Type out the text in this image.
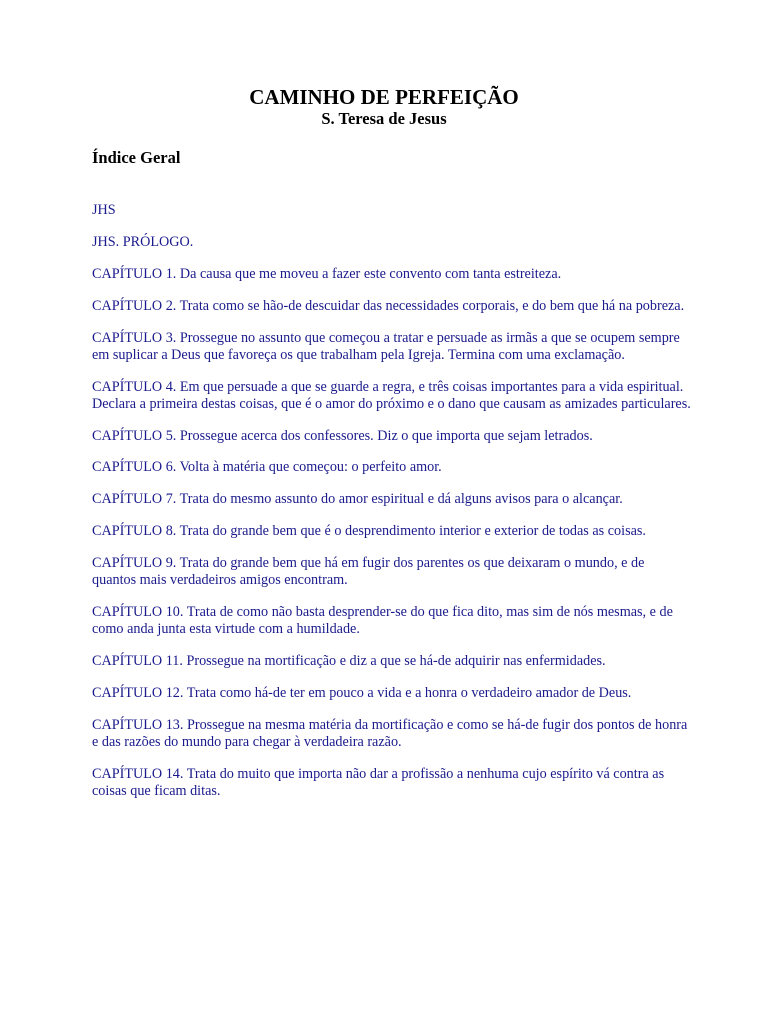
CAMINHO DE PERFEIÇÃO
S. Teresa de Jesus
Índice Geral
JHS
JHS. PRÓLOGO.
CAPÍTULO 1. Da causa que me moveu a fazer este convento com tanta estreiteza.
CAPÍTULO 2. Trata como se hão-de descuidar das necessidades corporais, e do bem que há na pobreza.
CAPÍTULO 3. Prossegue no assunto que começou a tratar e persuade as irmãs a que se ocupem sempre em suplicar a Deus que favoreça os que trabalham pela Igreja. Termina com uma exclamação.
CAPÍTULO 4. Em que persuade a que se guarde a regra, e três coisas importantes para a vida espiritual. Declara a primeira destas coisas, que é o amor do próximo e o dano que causam as amizades particulares.
CAPÍTULO 5. Prossegue acerca dos confessores. Diz o que importa que sejam letrados.
CAPÍTULO 6. Volta à matéria que começou: o perfeito amor.
CAPÍTULO 7. Trata do mesmo assunto do amor espiritual e dá alguns avisos para o alcançar.
CAPÍTULO 8. Trata do grande bem que é o desprendimento interior e exterior de todas as coisas.
CAPÍTULO 9. Trata do grande bem que há em fugir dos parentes os que deixaram o mundo, e de quantos mais verdadeiros amigos encontram.
CAPÍTULO 10. Trata de como não basta desprender-se do que fica dito, mas sim de nós mesmas, e de como anda junta esta virtude com a humildade.
CAPÍTULO 11. Prossegue na mortificação e diz a que se há-de adquirir nas enfermidades.
CAPÍTULO 12. Trata como há-de ter em pouco a vida e a honra o verdadeiro amador de Deus.
CAPÍTULO 13. Prossegue na mesma matéria da mortificação e como se há-de fugir dos pontos de honra e das razões do mundo para chegar à verdadeira razão.
CAPÍTULO 14. Trata do muito que importa não dar a profissão a nenhuma cujo espírito vá contra as coisas que ficam ditas.
